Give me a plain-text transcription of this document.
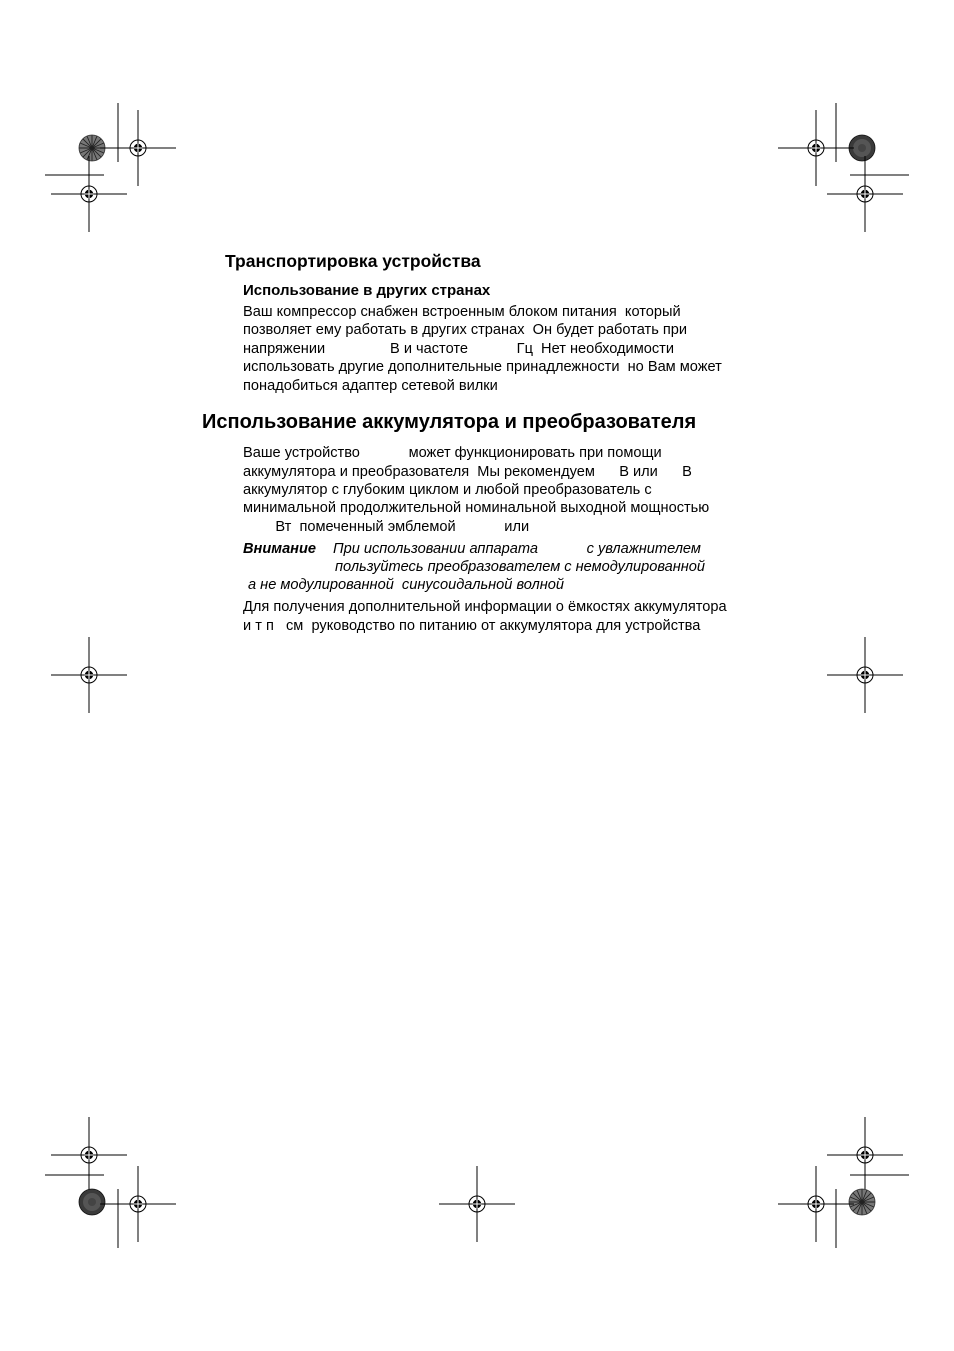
Транспортировка устройства
Использование в других странах
Ваш компрессор снабжен встроенным блоком питания  который
позволяет ему работать в других странах  Он будет работать при
напряжении                В и частоте            Гц  Нет необходимости
использовать другие дополнительные принадлежности  но Вам может
понадобиться адаптер сетевой вилки
Использование аккумулятора и преобразователя
Ваше устройство            может функционировать при помощи
аккумулятора и преобразователя  Мы рекомендуем      В или      В
аккумулятор с глубоким циклом и любой преобразователь с
минимальной продолжительной номинальной выходной мощностью
Вт  помеченный эмблемой            или
Внимание При использовании аппарата            с увлажнителем
пользуйтесь преобразователем с немодулированной
а не модулированной  синусоидальной волной
Для получения дополнительной информации о ёмкостях аккумулятора
и т п   см  руководство по питанию от аккумулятора для устройства
